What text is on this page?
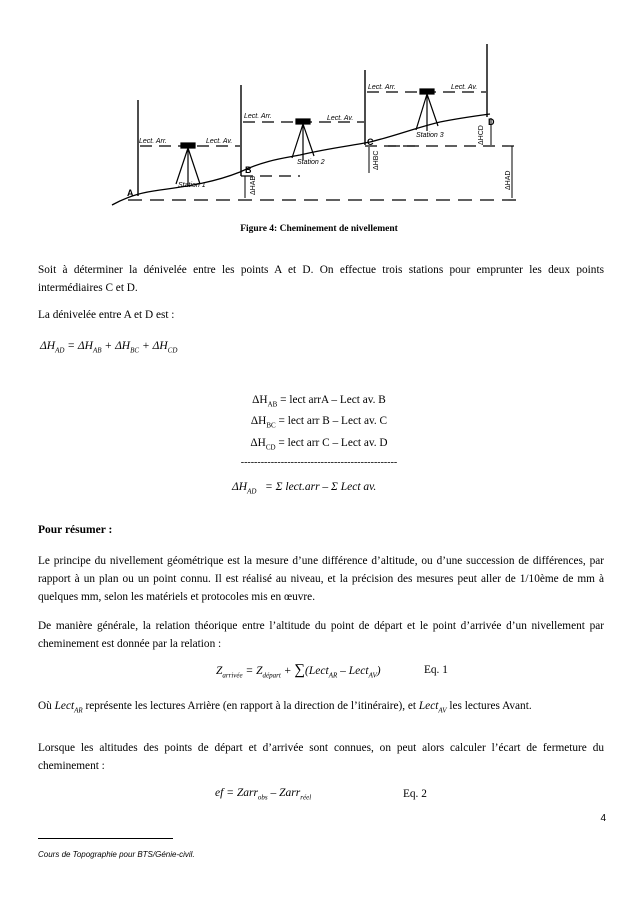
A
B
C
D
Station 1
Station 2
Station 3
Lect. Arr.	Lect. Av.
Lect. Arr.	Lect. Av.
Lect. Arr.	Lect. Av.
ΔHAB
ΔHBC
ΔHCD
ΔHAD
Figure 4: Cheminement de nivellement

Soit à déterminer la dénivelée entre les points A et D. On effectue trois stations pour emprunter les deux points intermédiaires C et D.

La dénivelée entre A et D est :

$\Delta H_{AD} = \Delta H_{AB} + \Delta H_{BC} + \Delta H_{CD}$
$\Delta H_{AB}$ = lect arrA – Lect av. B
$\Delta H_{BC}$ = lect arr B – Lect av. C
$\Delta H_{CD}$ = lect arr C – Lect av. D
-----------------------------------------------
$\Delta H_{AD} = \Sigma$ lect.arr – Σ Lect av.
Pour résumer :

Le principe du nivellement géométrique est la mesure d’une différence d’altitude, ou d’une succession de différences, par rapport à un plan ou un point connu. Il est réalisé au niveau, et la précision des mesures peut aller de 1/10ème de mm à quelques mm, selon les matériels et protocoles mis en œuvre.

De manière générale, la relation théorique entre l’altitude du point de départ et le point d’arrivée d’un nivellement par cheminement est donnée par la relation :

$Z_{arrivée} = Z_{départ}$ + ∑(Lect$_{AR}$ – Lect$_{AV}$)	Eq. 1

Où Lect$_{AR}$ représente les lectures Arrière (en rapport à la direction de l’itinéraire), et Lect$_{AV}$ les lectures Avant.

Lorsque les altitudes des points de départ et d’arrivée sont connues, on peut alors calculer l’écart de fermeture du cheminement :

ef = Zarr$_{obs}$ – Zarr$_{réel}$	Eq. 2
4
Cours de Topographie pour BTS/Génie-civil.
